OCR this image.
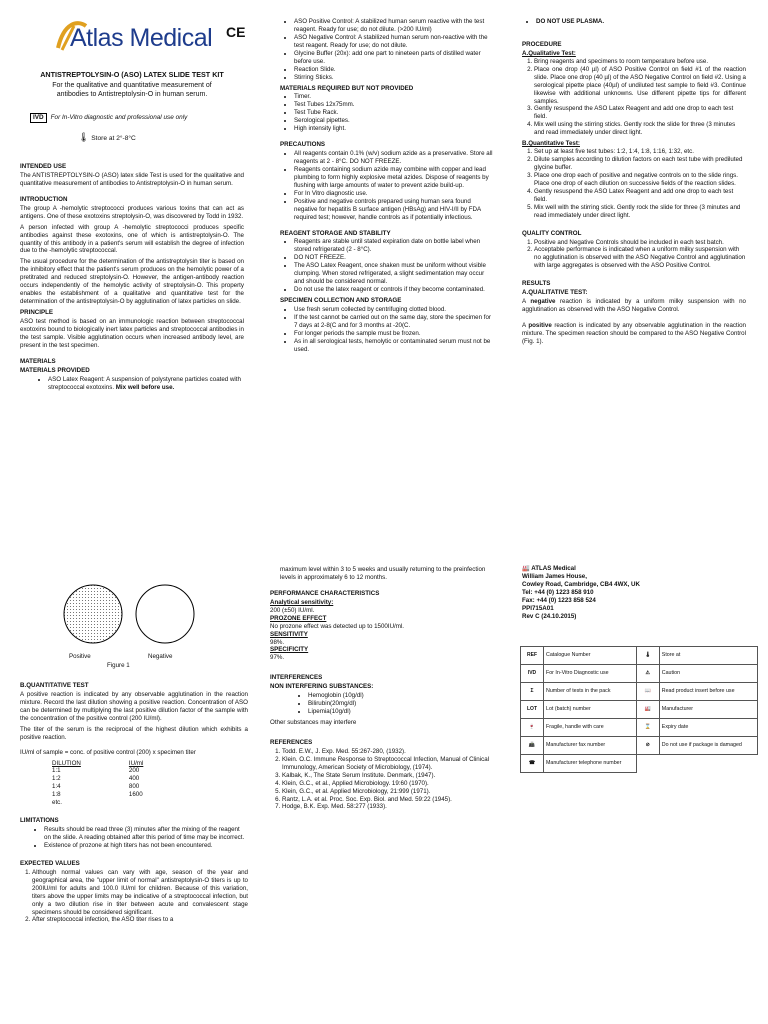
Atlas Medical CE
ANTISTREPTOLYSIN-O (ASO) LATEX SLIDE TEST KIT
For the qualitative and quantitative measurement of antibodies to Antistreptolysin-O in human serum.
IVD For In-Vitro diagnostic and professional use only
🌡 Store at 2°-8°C
INTENDED USE

The ANTISTREPTOLYSIN-O (ASO) latex slide Test is used for the qualitative and quantitative measurement of antibodies to Antistreptolysin-O in human serum.

INTRODUCTION

The group A -hemolytic streptococci produces various toxins that can act as antigens. One of these exotoxins streptolysin-O, was discovered by Todd in 1932.

A person infected with group A -hemolytic streptococci produces specific antibodies against these exotoxins, one of which is antistreptolysin-O. The quantity of this antibody in a patient's serum will establish the degree of infection due to the -hemolytic streptococcal.

The usual procedure for the determination of the antistreptolysin titer is based on the inhibitory effect that the patient's serum produces on the hemolytic power of a pretitrated and reduced streptolysin-O. However, the antigen-antibody reaction occurs independently of the hemolytic activity of streptolysin-O. This property enables the establishment of a qualitative and quantitative test for the determination of the antistreptolysin-O by agglutination of latex particles on slide.

PRINCIPLE

ASO test method is based on an immunologic reaction between streptococcal exotoxins bound to biologically inert latex particles and streptococcal antibodies in the test sample. Visible agglutination occurs when increased antibody level, are present in the test specimen.

MATERIALS
MATERIALS PROVIDED
• ASO Latex Reagent: A suspension of polystyrene particles coated with streptococcal exotoxins. Mix well before use.
• ASO Positive Control: A stabilized human serum reactive with the test reagent. Ready for use; do not dilute. (>200 IU/ml)
• ASO Negative Control: A stabilized human serum non-reactive with the test reagent. Ready for use; do not dilute.
• Glycine Buffer (20x): add one part to nineteen parts of distilled water before use.
• Reaction Slide.
• Stirring Sticks.
MATERIALS REQUIRED BUT NOT PROVIDED
• Timer.
• Test Tubes 12x75mm.
• Test Tube Rack.
• Serological pipettes.
• High intensity light.
PRECAUTIONS
• All reagents contain 0.1% (w/v) sodium azide as a preservative. Store all reagents at 2 - 8°C. DO NOT FREEZE.
• Reagents containing sodium azide may combine with copper and lead plumbing to form highly explosive metal azides. Dispose of reagents by flushing with large amounts of water to prevent azide build-up.
• For In Vitro diagnostic use.
• Positive and negative controls prepared using human sera found negative for hepatitis B surface antigen (HBsAg) and HIV-I/II by FDA required test; however, handle controls as if potentially infectious.
REAGENT STORAGE AND STABILITY
• Reagents are stable until stated expiration date on bottle label when stored refrigerated (2 - 8°C).
• DO NOT FREEZE.
• The ASO Latex Reagent, once shaken must be uniform without visible clumping. When stored refrigerated, a slight sedimentation may occur and should be considered normal.
• Do not use the latex reagent or controls if they become contaminated.
SPECIMEN COLLECTION AND STORAGE
• Use fresh serum collected by centrifuging clotted blood.
• If the test cannot be carried out on the same day, store the specimen for 7 days at 2-8(C and for 3 months at -20(C.
• For longer periods the sample must be frozen.
• As in all serological tests, hemolytic or contaminated serum must not be used.
• DO NOT USE PLASMA.
PROCEDURE
A.Qualitative Test:
1. Bring reagents and specimens to room temperature before use.
2. Place one drop (40 µl) of ASO Positive Control on field #1 of the reaction slide. Place one drop (40 µl) of the ASO Negative Control on field #2. Using a serological pipette place (40µl) of undiluted test sample to field #3. Continue likewise with additional unknowns. Use different pipette tips for different samples.
3. Gently resuspend the ASO Latex Reagent and add one drop to each test field.
4. Mix well using the stirring sticks. Gently rock the slide for three (3 minutes and read immediately under direct light.
B.Quantitative Test:
1. Set up at least five test tubes: 1:2, 1:4, 1:8, 1:16, 1:32, etc.
2. Dilute samples according to dilution factors on each test tube with prediluted glycine buffer.
3. Place one drop each of positive and negative controls on to the slide rings. Place one drop of each dilution on successive fields of the reaction slides.
4. Gently resuspend the ASO Latex Reagent and add one drop to each test field.
5. Mix well with the stirring stick. Gently rock the slide for three (3 minutes and read immediately under direct light.
QUALITY CONTROL
1. Positive and Negative Controls should be included in each test batch.
2. Acceptable performance is indicated when a uniform milky suspension with no agglutination is observed with the ASO Negative Control and agglutination with large aggregates is observed with the ASO Positive Control.
RESULTS
A.QUALITATIVE TEST:

A negative reaction is indicated by a uniform milky suspension with no agglutination as observed with the ASO Negative Control.

A positive reaction is indicated by any observable agglutination in the reaction mixture. The specimen reaction should be compared to the ASO Negative Control (Fig. 1).

Positive	Negative
Figure 1
B.QUANTITATIVE TEST

A positive reaction is indicated by any observable agglutination in the reaction mixture. Record the last dilution showing a positive reaction. Concentration of ASO can be determined by multiplying the last positive dilution factor of the sample with the concentration of the positive control (200 IU/ml).

The titer of the serum is the reciprocal of the highest dilution which exhibits a positive reaction.

IU/ml of sample = conc. of positive control (200) x specimen titer

DILUTION	IU/ml
1:1	200
1:2	400
1:4	800
1:8	1600
etc.	
LIMITATIONS
• Results should be read three (3) minutes after the mixing of the reagent on the slide. A reading obtained after this period of time may be incorrect.
• Existence of prozone at high titers has not been encountered.
EXPECTED VALUES
1. Although normal values can vary with age, season of the year and geographical area, the "upper limit of normal" antistreptolysin-O titers is up to 200IU/ml for adults and 100.0 IU/ml for children. Because of this variation, titers above the upper limits may be indicative of a streptococcal infection, but only a two dilution rise in titer between acute and convalescent stage specimens should be considered significant.
2. After streptococcal infection, the ASO titer rises to a

maximum level within 3 to 5 weeks and usually returning to the preinfection levels in approximately 6 to 12 months.

PERFORMANCE CHARACTERISTICS
Analytical sensitivity:
200 (±50) IU/ml.
PROZONE EFFECT
No prozone effect was detected up to 1500IU/ml.
SENSITIVITY
98%.
SPECIFICITY
97%.
INTERFERENCES
NON INTERFERING SUBSTANCES:
• Hemoglobin (10g/dl)
• Bilirubin(20mg/dl)
• Lipemia(10g/dl)
Other substances may interfere
REFERENCES
1. Todd. E.W., J. Exp. Med. 55:267-280, (1932).
2. Klein. O.C. Immune Response to Streptococcal Infection, Manual of Clinical Immunology, American Society of Microbiology, (1974).
3. Kalbak, K., The State Serum Institute. Denmark, (1947).
4. Klein, G.C., et al., Applied Microbiology. 19:60 (1970).
5. Klein, G.C., et al. Applied Microbiology, 21:999 (1971).
6. Rantz, L.A. et al. Proc. Soc. Exp. Biol. and Med. 59:22 (1945).
7. Hodge, B.K. Exp. Med. 58:277 (1933).
🏭 ATLAS Medical
William James House,
Cowley Road, Cambridge, CB4 4WX, UK
Tel: +44 (0) 1223 858 910
Fax: +44 (0) 1223 858 524
PPI715A01
Rev C (24.10.2015)
REF	Catalogue Number	🌡	Store at
IVD	For In-Vitro Diagnostic use	⚠	Caution
Σ	Number of tests in the pack	📖	Read product insert before use
LOT	Lot (batch) number	🏭	Manufacturer
🍷	Fragile, handle with care	⌛	Expiry date
📠	Manufacturer fax number	⊘	Do not use if package is damaged
☎	Manufacturer telephone number		
